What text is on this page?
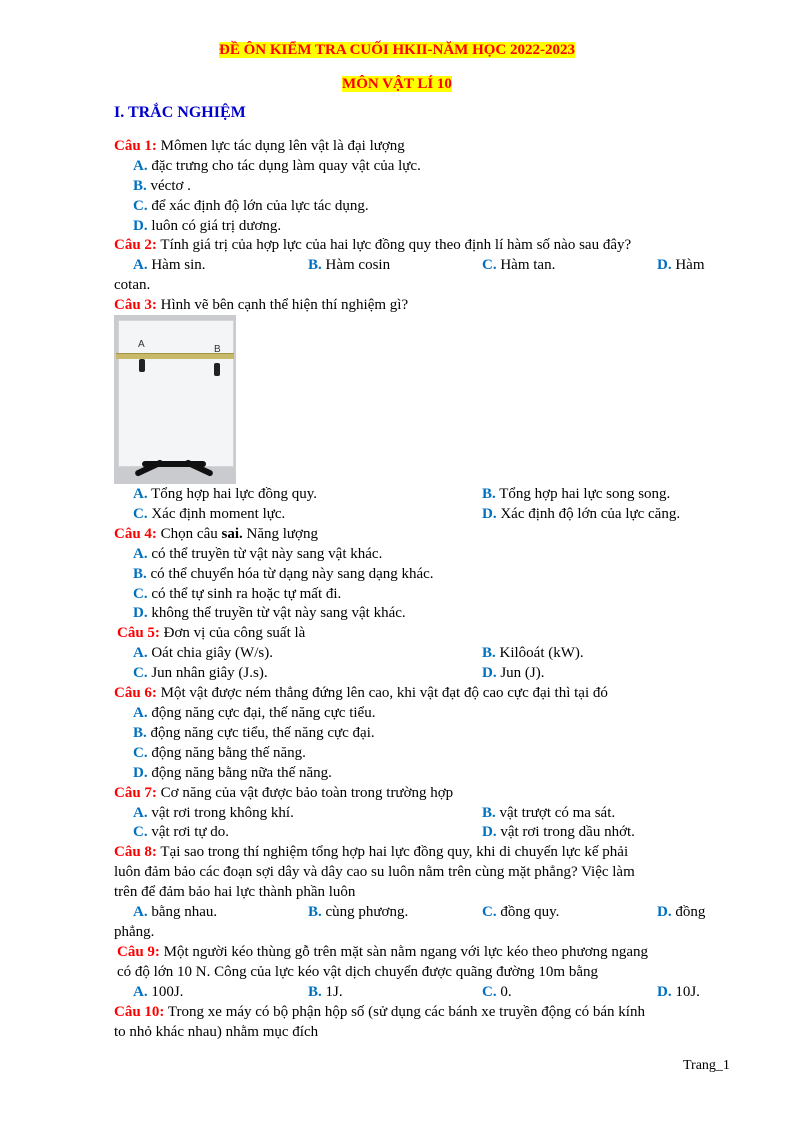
ĐỀ ÔN KIỂM TRA CUỐI HKII-NĂM HỌC 2022-2023
MÔN VẬT LÍ 10
I. TRẮC NGHIỆM
Câu 1: Mômen lực tác dụng lên vật là đại lượng
A. đặc trưng cho tác dụng làm quay vật của lực.
B. véctơ .
C. để xác định độ lớn của lực tác dụng.
D. luôn có giá trị dương.
Câu 2: Tính giá trị của hợp lực của hai lực đồng quy theo định lí hàm số nào sau đây?
A. Hàm sin.	B. Hàm cosin	C. Hàm tan.	D. Hàm
cotan.
Câu 3: Hình vẽ bên cạnh thể hiện thí nghiệm gì?
A. Tổng hợp hai lực đồng quy.	B. Tổng hợp hai lực song song.
C. Xác định moment lực.	D. Xác định độ lớn của lực căng.
Câu 4: Chọn câu sai. Năng lượng
A. có thể truyền từ vật này sang vật khác.
B. có thể chuyển hóa từ dạng này sang dạng khác.
C. có thể tự sinh ra hoặc tự mất đi.
D. không thể truyền từ vật này sang vật khác.
Câu 5: Đơn vị của công suất là
A. Oát chia giây (W/s).	B. Kilôoát (kW).
C. Jun nhân giây (J.s).	D. Jun (J).
Câu 6: Một vật được ném thẳng đứng lên cao, khi vật đạt độ cao cực đại thì tại đó
A. động năng cực đại, thế năng cực tiểu.
B. động năng cực tiểu, thế năng cực đại.
C. động năng bằng thế năng.
D. động năng bằng nữa thế năng.
Câu 7: Cơ năng của vật được bảo toàn trong trường hợp
A. vật rơi trong không khí.	B. vật trượt có ma sát.
C. vật rơi tự do.	D. vật rơi trong dầu nhớt.
Câu 8: Tại sao trong thí nghiệm tổng hợp hai lực đồng quy, khi di chuyển lực kế phải
luôn đảm bảo các đoạn sợi dây và dây cao su luôn nằm trên cùng mặt phẳng? Việc làm
trên để đảm bảo hai lực thành phần luôn
A. bằng nhau.	B. cùng phương.	C. đồng quy.	D. đồng
phẳng.
Câu 9: Một người kéo thùng gỗ trên mặt sàn nằm ngang với lực kéo theo phương ngang
có độ lớn 10 N. Công của lực kéo vật dịch chuyển được quãng đường 10m bằng
A. 100J.	B. 1J.	C. 0.	D. 10J.
Câu 10: Trong xe máy có bộ phận hộp số (sử dụng các bánh xe truyền động có bán kính
to nhỏ khác nhau) nhằm mục đích
A	B
Trang_1
